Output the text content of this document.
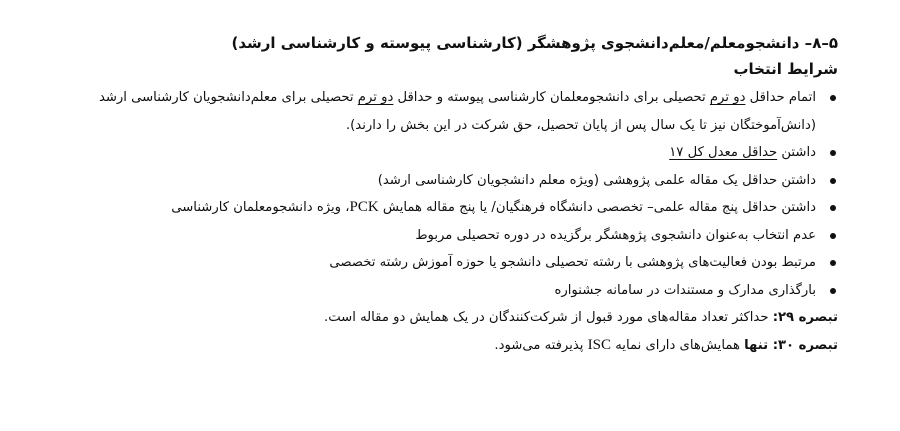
۵–۸– دانشجومعلم/معلم‌دانشجوی پژوهشگر (کارشناسی پیوسته و کارشناسی ارشد)
شرایط انتخاب
اتمام حداقل دو ترم تحصیلی برای دانشجومعلمان کارشناسی پیوسته و حداقل دو ترم تحصیلی برای معلم‌دانشجویان کارشناسی ارشد (دانش‌آموختگان نیز تا یک سال پس از پایان تحصیل، حق شرکت در این بخش را دارند).
داشتن حداقل معدل کل ۱۷
داشتن حداقل یک مقاله علمی پژوهشی (ویژه معلم دانشجویان کارشناسی ارشد)
داشتن حداقل پنج مقاله علمی– تخصصی دانشگاه فرهنگیان/ یا پنج مقاله همایش PCK، ویژه دانشجومعلمان کارشناسی
عدم انتخاب به‌عنوان دانشجوی پژوهشگر برگزیده در دوره تحصیلی مربوط
مرتبط بودن فعالیت‌های پژوهشی با رشته تحصیلی دانشجو یا حوزه آموزش رشته تخصصی
بارگذاری مدارک و مستندات در سامانه جشنواره
تبصره ۲۹: حداکثر تعداد مقاله‌های مورد قبول از شرکت‌کنندگان در یک همایش دو مقاله است.
تبصره ۳۰: تنها همایش‌های دارای نمایه ISC پذیرفته می‌شود.
